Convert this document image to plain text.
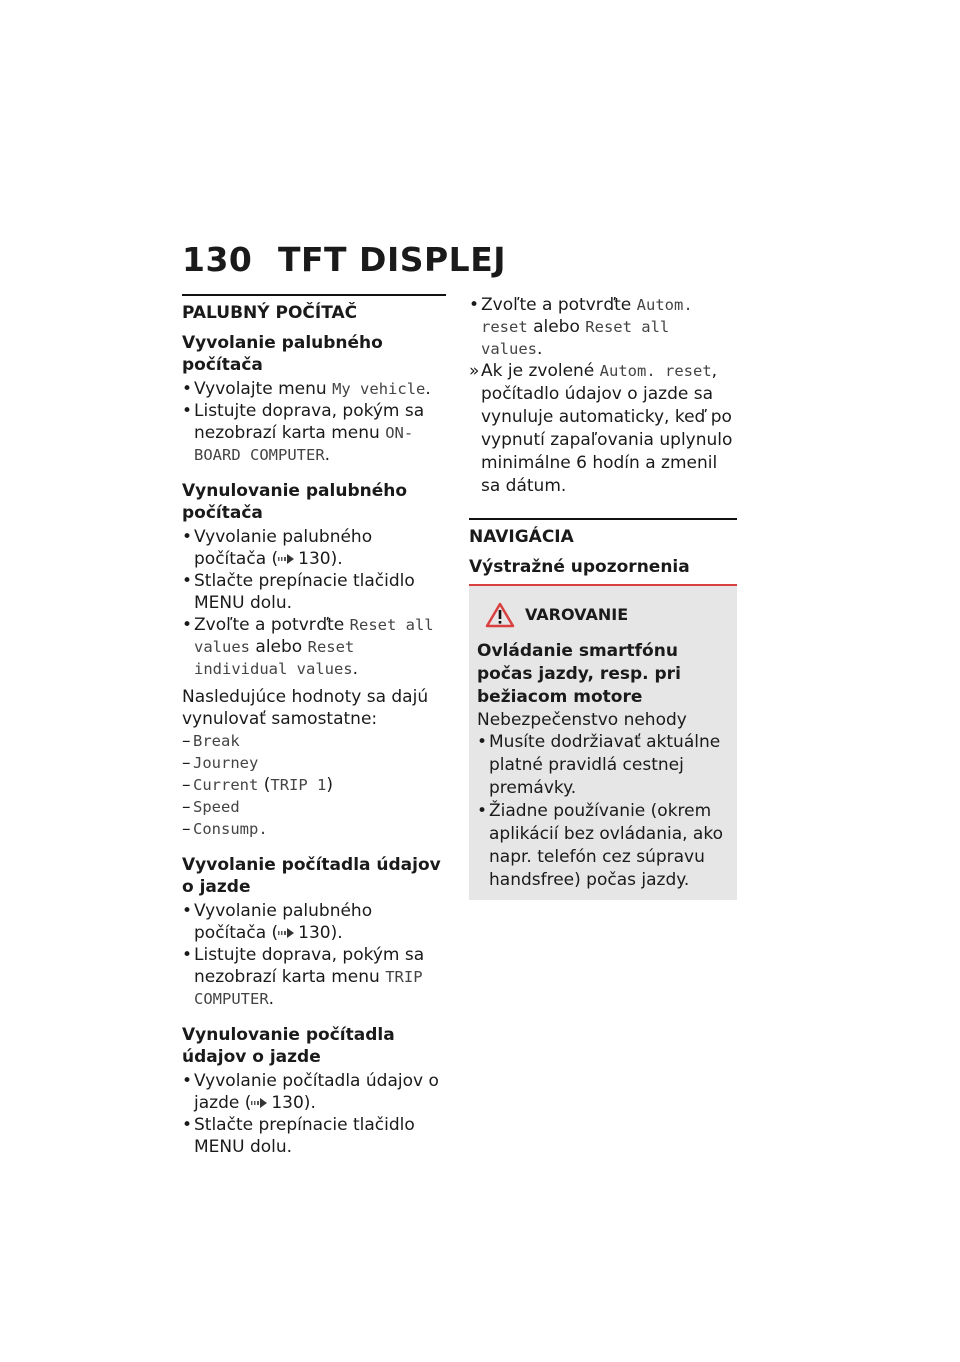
130 TFT DISPLEJ
PALUBNÝ POČÍTAČ
Vyvolanie palubného počítača

• Vyvolajte menu My vehicle.

• Listujte doprava, pokým sa nezobrazí karta menu ON-BOARD COMPUTER.

Vynulovanie palubného počítača

• Vyvolanie palubného počítača ( 130).

• Stlačte prepínacie tlačidlo MENU dolu.

• Zvoľte a potvrďte Reset all values alebo Reset individual values.

Nasledujúce hodnoty sa dajú vynulovať samostatne:

– Break

– Journey

– Current (TRIP 1)

– Speed

– Consump.

Vyvolanie počítadla údajov o jazde

• Vyvolanie palubného počítača ( 130).

• Listujte doprava, pokým sa nezobrazí karta menu TRIP COMPUTER.

Vynulovanie počítadla údajov o jazde

• Vyvolanie počítadla údajov o jazde ( 130).

• Stlačte prepínacie tlačidlo MENU dolu.

• Zvoľte a potvrďte Autom. reset alebo Reset all values.

» Ak je zvolené Autom. reset, počítadlo údajov o jazde sa vynuluje automaticky, keď po vypnutí zapaľovania uplynulo minimálne 6 hodín a zmenil sa dátum.

NAVIGÁCIA
Výstražné upozornenia
VAROVANIE
Ovládanie smartfónu počas jazdy, resp. pri bežiacom motore

Nebezpečenstvo nehody

• Musíte dodržiavať aktuálne platné pravidlá cestnej premávky.

• Žiadne používanie (okrem aplikácií bez ovládania, ako napr. telefón cez súpravu handsfree) počas jazdy.
